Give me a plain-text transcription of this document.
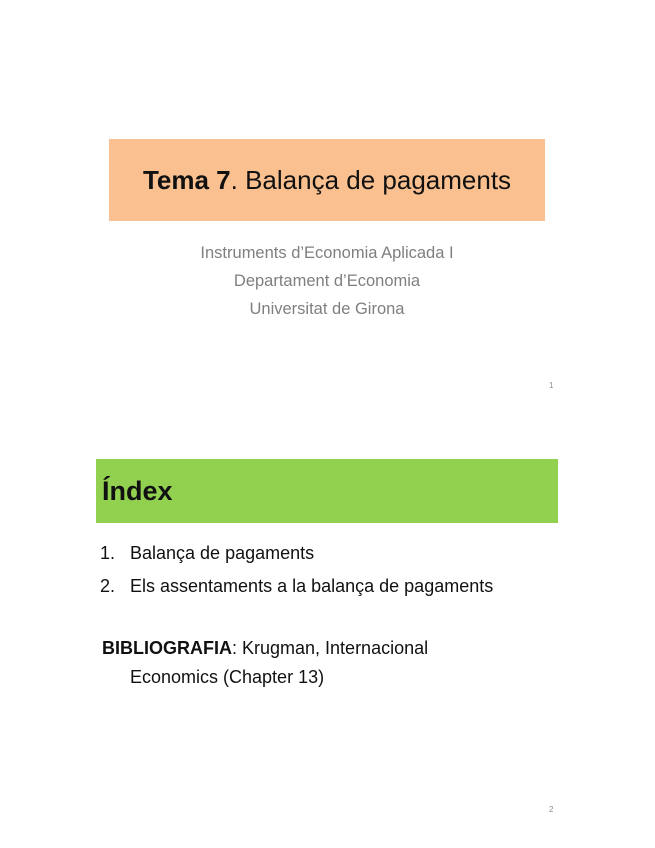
Tema 7. Balança de pagaments
Instruments d’Economia Aplicada I
Departament d’Economia
Universitat de Girona
1
Índex
1. Balança de pagaments
2. Els assentaments a la balança de pagaments
BIBLIOGRAFIA: Krugman, Internacional
Economics (Chapter 13)
2
